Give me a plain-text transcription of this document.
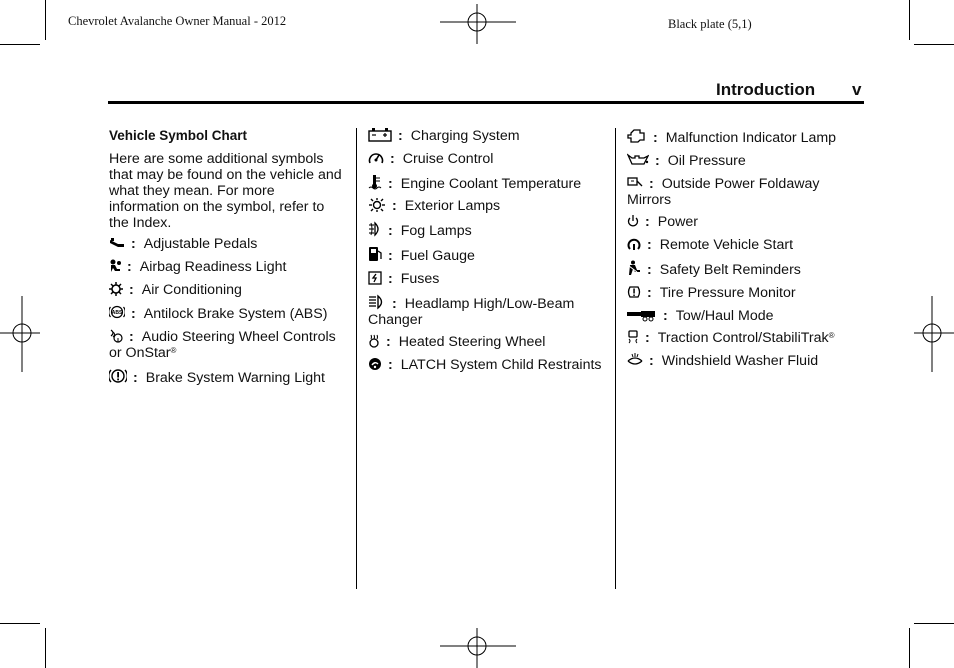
Chevrolet Avalanche Owner Manual - 2012	Black plate (5,1)
Introduction v
Vehicle Symbol Chart
Here are some additional symbols that may be found on the vehicle and what they mean. For more information on the symbol, refer to the Index.
: Adjustable Pedals
: Airbag Readiness Light
: Air Conditioning
ABS : Antilock Brake System (ABS)
: Audio Steering Wheel Controls or OnStar®
: Brake System Warning Light
: Charging System
: Cruise Control
: Engine Coolant Temperature
: Exterior Lamps
: Fog Lamps
: Fuel Gauge
: Fuses
: Headlamp High/Low-Beam Changer
: Heated Steering Wheel
: LATCH System Child Restraints
: Malfunction Indicator Lamp
: Oil Pressure
: Outside Power Foldaway Mirrors
: Power
: Remote Vehicle Start
: Safety Belt Reminders
: Tire Pressure Monitor
: Tow/Haul Mode
: Traction Control/StabiliTrak®
: Windshield Washer Fluid
